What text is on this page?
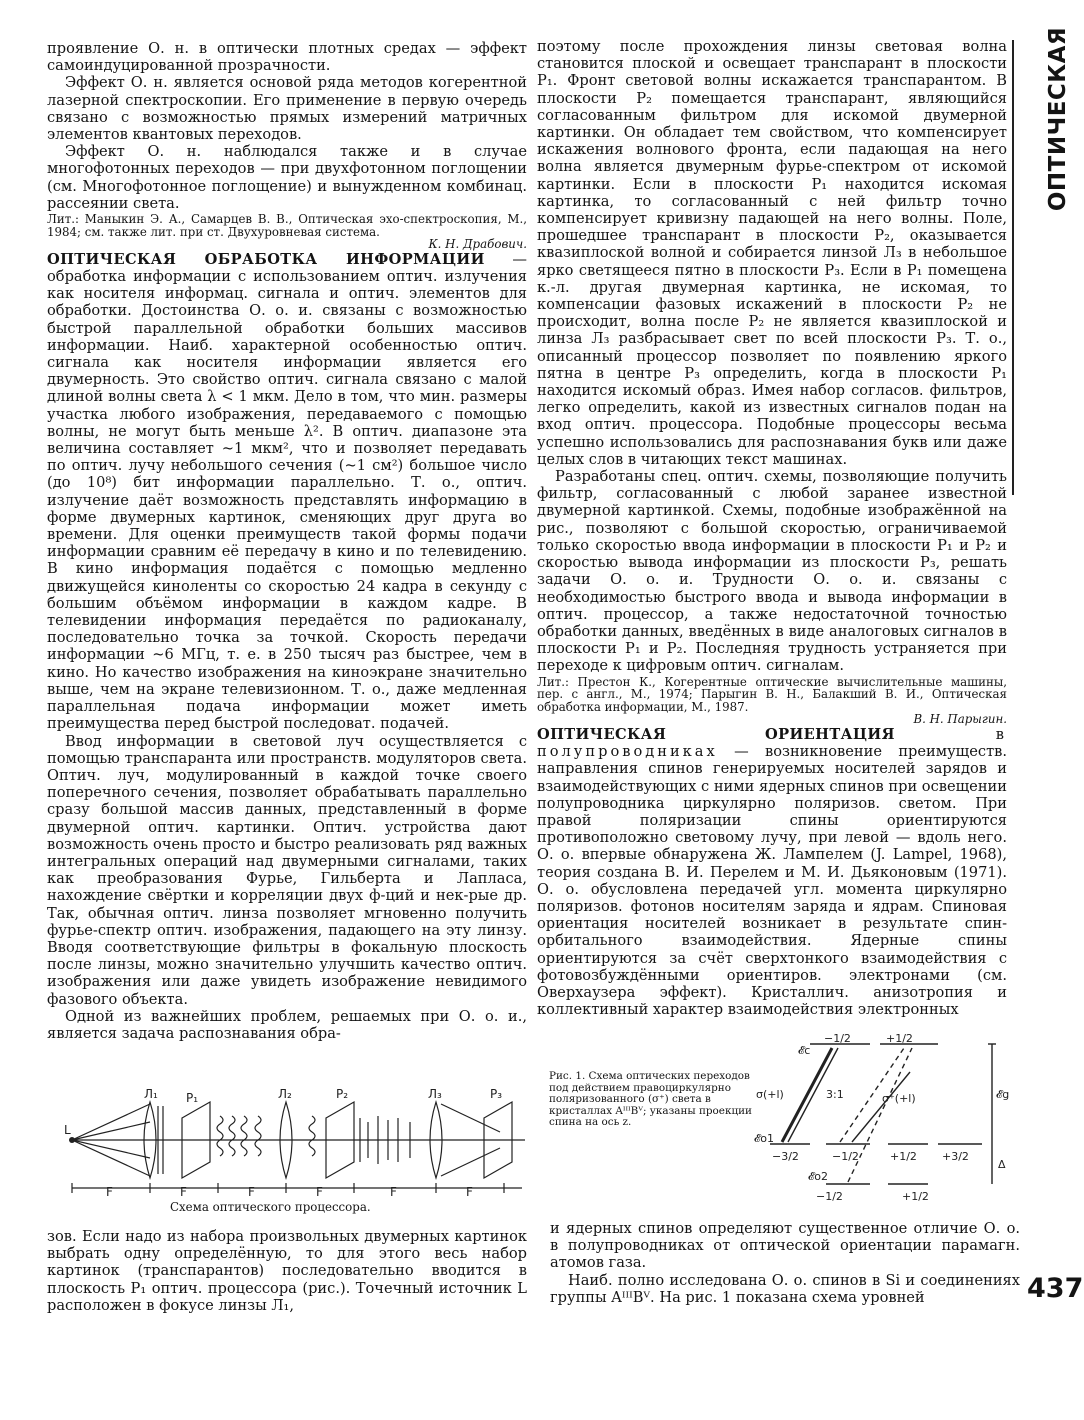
ОПТИЧЕСКАЯ

проявление О. н. в оптически плотных средах — эффект самоиндуцированной прозрачности.

Эффект О. н. является основой ряда методов когерентной лазерной спектроскопии. Его применение в первую очередь связано с возможностью прямых измерений матричных элементов квантовых переходов.

Эффект О. н. наблюдался также и в случае многофотонных переходов — при двухфотонном поглощении (см. Многофотонное поглощение) и вынужденном комбинац. рассеянии света.

Лит.: Маныкин Э. А., Самарцев В. В., Оптическая эхо-спектроскопия, М., 1984; см. также лит. при ст. Двухуровневая система.

К. Н. Драбович.

ОПТИЧЕСКАЯ ОБРАБОТКА ИНФОРМАЦИИ — обработка информации с использованием оптич. излучения как носителя информац. сигнала и оптич. элементов для обработки. Достоинства О. о. и. связаны с возможностью быстрой параллельной обработки больших массивов информации. Наиб. характерной особенностью оптич. сигнала как носителя информации является его двумерность. Это свойство оптич. сигнала связано с малой длиной волны света λ < 1 мкм. Дело в том, что мин. размеры участка любого изображения, передаваемого с помощью волны, не могут быть меньше λ². В оптич. диапазоне эта величина составляет ~1 мкм², что и позволяет передавать по оптич. лучу небольшого сечения (~1 см²) большое число (до 10⁸) бит информации параллельно. Т. о., оптич. излучение даёт возможность представлять информацию в форме двумерных картинок, сменяющих друг друга во времени. Для оценки преимуществ такой формы подачи информации сравним её передачу в кино и по телевидению. В кино информация подаётся с помощью медленно движущейся киноленты со скоростью 24 кадра в секунду с большим объёмом информации в каждом кадре. В телевидении информация передаётся по радиоканалу, последовательно точка за точкой. Скорость передачи информации ~6 МГц, т. е. в 250 тысяч раз быстрее, чем в кино. Но качество изображения на киноэкране значительно выше, чем на экране телевизионном. Т. о., даже медленная параллельная подача информации может иметь преимущества перед быстрой последоват. подачей.

Ввод информации в световой луч осуществляется с помощью транспаранта или пространств. модуляторов света. Оптич. луч, модулированный в каждой точке своего поперечного сечения, позволяет обрабатывать параллельно сразу большой массив данных, представленный в форме двумерной оптич. картинки. Оптич. устройства дают возможность очень просто и быстро реализовать ряд важных интегральных операций над двумерными сигналами, таких как преобразования Фурье, Гильберта и Лапласа, нахождение свёртки и корреляции двух ф-ций и нек-рые др. Так, обычная оптич. линза позволяет мгновенно получить фурье-спектр оптич. изображения, падающего на эту линзу. Вводя соответствующие фильтры в фокальную плоскость после линзы, можно значительно улучшить качество оптич. изображения или даже увидеть изображение невидимого фазового объекта.

Одной из важнейших проблем, решаемых при О. о. и., является задача распознавания обра-

Л₁ P₁	Л₂	P₂	Л₃	P₃
L
F	F	F	F	F	F
Схема оптического процессора.

зов. Если надо из набора произвольных двумерных картинок выбрать одну определённую, то для этого весь набор картинок (транспарантов) последовательно вводится в плоскость P₁ оптич. процессора (рис.). Точечный источник L расположен в фокусе линзы Л₁,

поэтому после прохождения линзы световая волна становится плоской и освещает транспарант в плоскости P₁. Фронт световой волны искажается транспарантом. В плоскости P₂ помещается транспарант, являющийся согласованным фильтром для искомой двумерной картинки. Он обладает тем свойством, что компенсирует искажения волнового фронта, если падающая на него волна является двумерным фурье-спектром от искомой картинки. Если в плоскости P₁ находится искомая картинка, то согласованный с ней фильтр точно компенсирует кривизну падающей на него волны. Поле, прошедшее транспарант в плоскости P₂, оказывается квазиплоской волной и собирается линзой Л₃ в небольшое ярко светящееся пятно в плоскости P₃. Если в P₁ помещена к.-л. другая двумерная картинка, не искомая, то компенсации фазовых искажений в плоскости P₂ не происходит, волна после P₂ не является квазиплоской и линза Л₃ разбрасывает свет по всей плоскости P₃. Т. о., описанный процессор позволяет по появлению яркого пятна в центре P₃ определить, когда в плоскости P₁ находится искомый образ. Имея набор согласов. фильтров, легко определить, какой из известных сигналов подан на вход оптич. процессора. Подобные процессоры весьма успешно использовались для распознавания букв или даже целых слов в читающих текст машинах.

Разработаны спец. оптич. схемы, позволяющие получить фильтр, согласованный с любой заранее известной двумерной картинкой. Схемы, подобные изображённой на рис., позволяют с большой скоростью, ограничиваемой только скоростью ввода информации в плоскости P₁ и P₂ и скоростью вывода информации из плоскости P₃, решать задачи О. о. и. Трудности О. о. и. связаны с необходимостью быстрого ввода и вывода информации в оптич. процессор, а также недостаточной точностью обработки данных, введённых в виде аналоговых сигналов в плоскости P₁ и P₂. Последняя трудность устраняется при переходе к цифровым оптич. сигналам.

Лит.: Престон К., Когерентные оптические вычислительные машины, пер. с англ., М., 1974; Парыгин В. Н., Балакший В. И., Оптическая обработка информации, М., 1987.

В. Н. Парыгин.

ОПТИЧЕСКАЯ ОРИЕНТАЦИЯ в полупроводниках — возникновение преимуществ. направления спинов генерируемых носителей зарядов и взаимодействующих с ними ядерных спинов при освещении полупроводника циркулярно поляризов. светом. При правой поляризации спины ориентируются противоположно световому лучу, при левой — вдоль него. О. о. впервые обнаружена Ж. Лампелем (J. Lampel, 1968), теория создана В. И. Перелем и М. И. Дьяконовым (1971). О. о. обусловлена передачей угл. момента циркулярно поляризов. фотонов носителям заряда и ядрам. Спиновая ориентация носителей возникает в результате спин-орбитального взаимодействия. Ядерные спины ориентируются за счёт сверхтонкого взаимодействия с фотовозбуждёнными ориентиров. электронами (см. Оверхаузера эффект). Кристаллич. анизотропия и коллективный характер взаимодействия электронных

Рис. 1. Схема оптических переходов под действием правоциркулярно поляризованного (σ⁺) света в кристаллах AᴵᴵᴵBⱽ; указаны проекции спина на ось z.
𝓔c
−1/2	+1/2
σ(+l)	3:1	σ⁺(+l)	𝓔g
𝓔o1
−3/2	−1/2	+1/2 +3/2
Δ
𝓔o2
−1/2	+1/2

и ядерных спинов определяют существенное отличие О. о. в полупроводниках от оптической ориентации парамагн. атомов газа.

Наиб. полно исследована О. о. спинов в Si и соединениях группы AᴵᴵᴵBⱽ. На рис. 1 показана схема уровней	437
